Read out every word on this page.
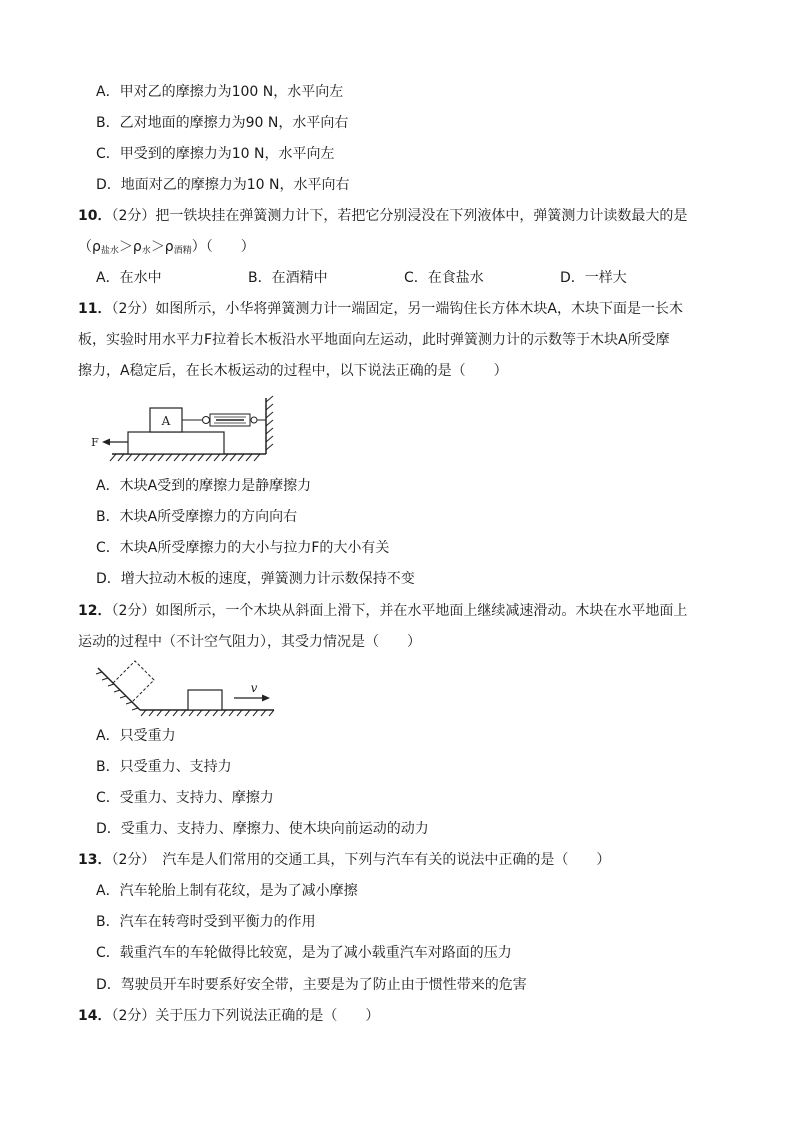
A．甲对乙的摩擦力为100 N，水平向左
B．乙对地面的摩擦力为90 N，水平向右
C．甲受到的摩擦力为10 N，水平向左
D．地面对乙的摩擦力为10 N，水平向右
10．（2分）把一铁块挂在弹簧测力计下，若把它分别浸没在下列液体中，弹簧测力计读数最大的是
$(\rho_{盐水}>\rho_水>\rho_{酒精})$（　　）
A．在水中	B．在酒精中	C．在食盐水	D．一样大
11．（2分）如图所示，小华将弹簧测力计一端固定，另一端钩住长方体木块A，木块下面是一长木
板，实验时用水平力F拉着长木板沿水平地面向左运动，此时弹簧测力计的示数等于木块A所受摩
擦力，A稳定后，在长木板运动的过程中，以下说法正确的是（　　）
A
F
A．木块A受到的摩擦力是静摩擦力
B．木块A所受摩擦力的方向向右
C．木块A所受摩擦力的大小与拉力F的大小有关
D．增大拉动木板的速度，弹簧测力计示数保持不变
12．（2分）如图所示，一个木块从斜面上滑下，并在水平地面上继续减速滑动。木块在水平地面上
运动的过程中（不计空气阻力），其受力情况是（　　）
v
A．只受重力
B．只受重力、支持力
C．受重力、支持力、摩擦力
D．受重力、支持力、摩擦力、使木块向前运动的动力
13．（2分）　汽车是人们常用的交通工具，下列与汽车有关的说法中正确的是（　　）
A．汽车轮胎上制有花纹，是为了减小摩擦
B．汽车在转弯时受到平衡力的作用
C．载重汽车的车轮做得比较宽，是为了减小载重汽车对路面的压力
D．驾驶员开车时要系好安全带，主要是为了防止由于惯性带来的危害
14．（2分）关于压力下列说法正确的是（　　）
